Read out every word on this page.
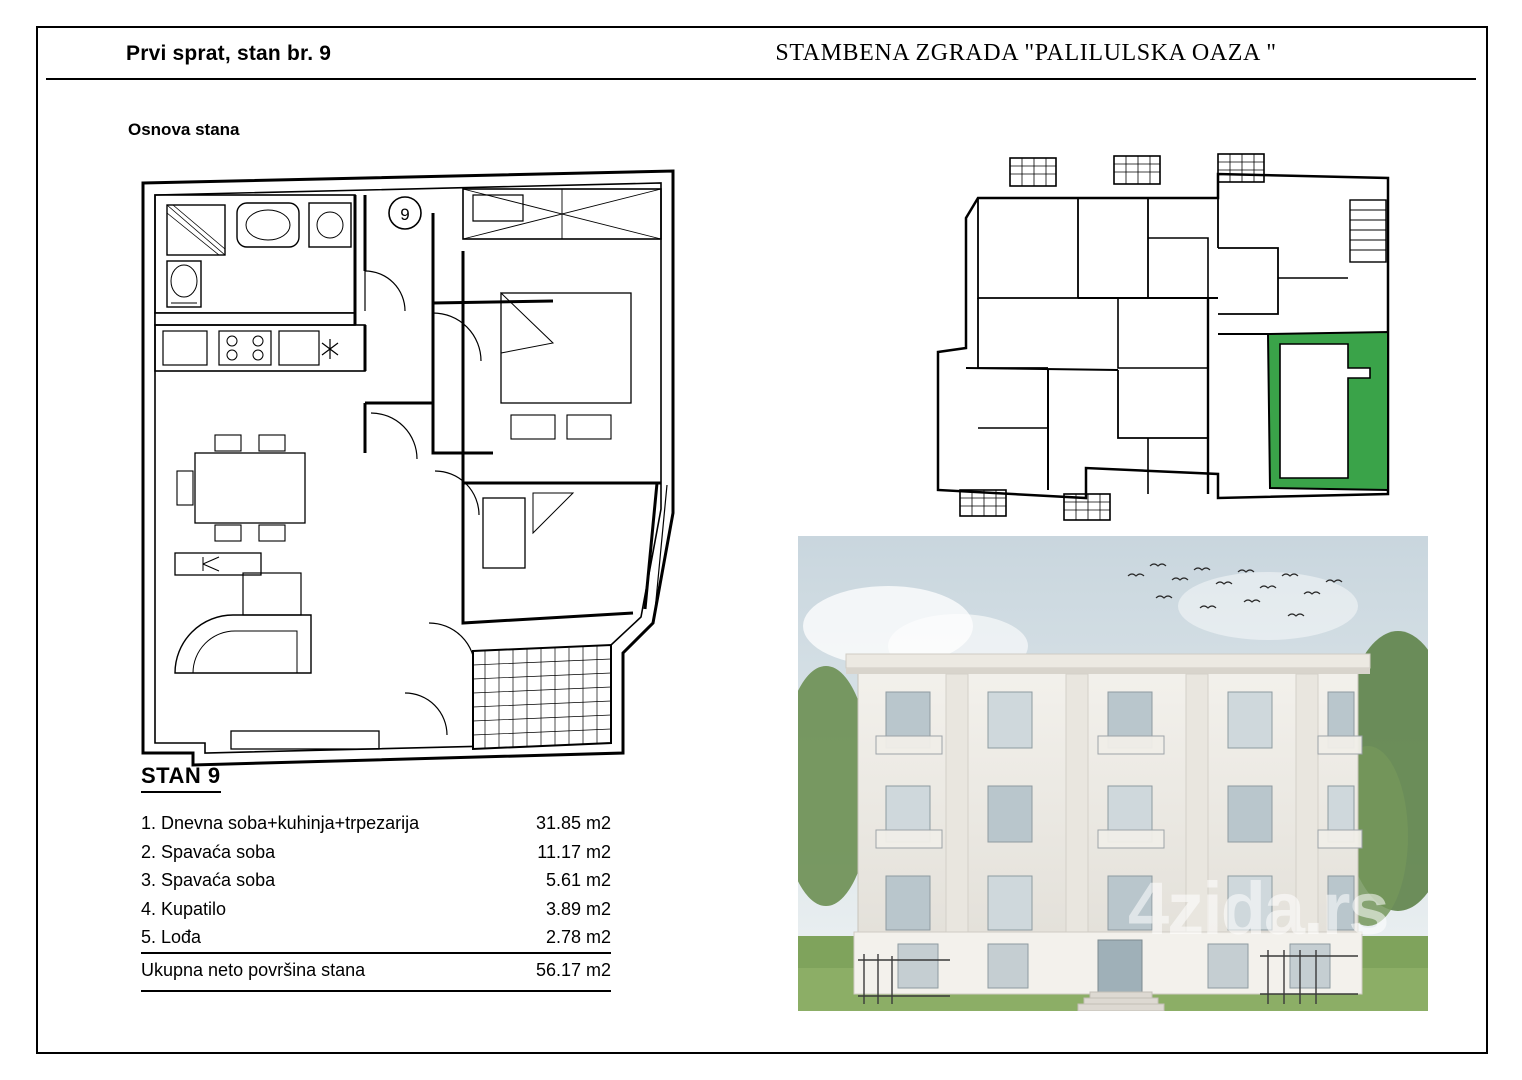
Prvi sprat, stan br. 9	STAMBENA ZGRADA "PALILULSKA OAZA "
Osnova stana
9
STAN 9
1. Dnevna soba+kuhinja+trpezarija	31.85 m2
2. Spavaća soba	11.17 m2
3. Spavaća soba	5.61 m2
4. Kupatilo	3.89 m2
5. Lođa	2.78 m2
Ukupna neto površina stana	56.17 m2
4zida.rs
